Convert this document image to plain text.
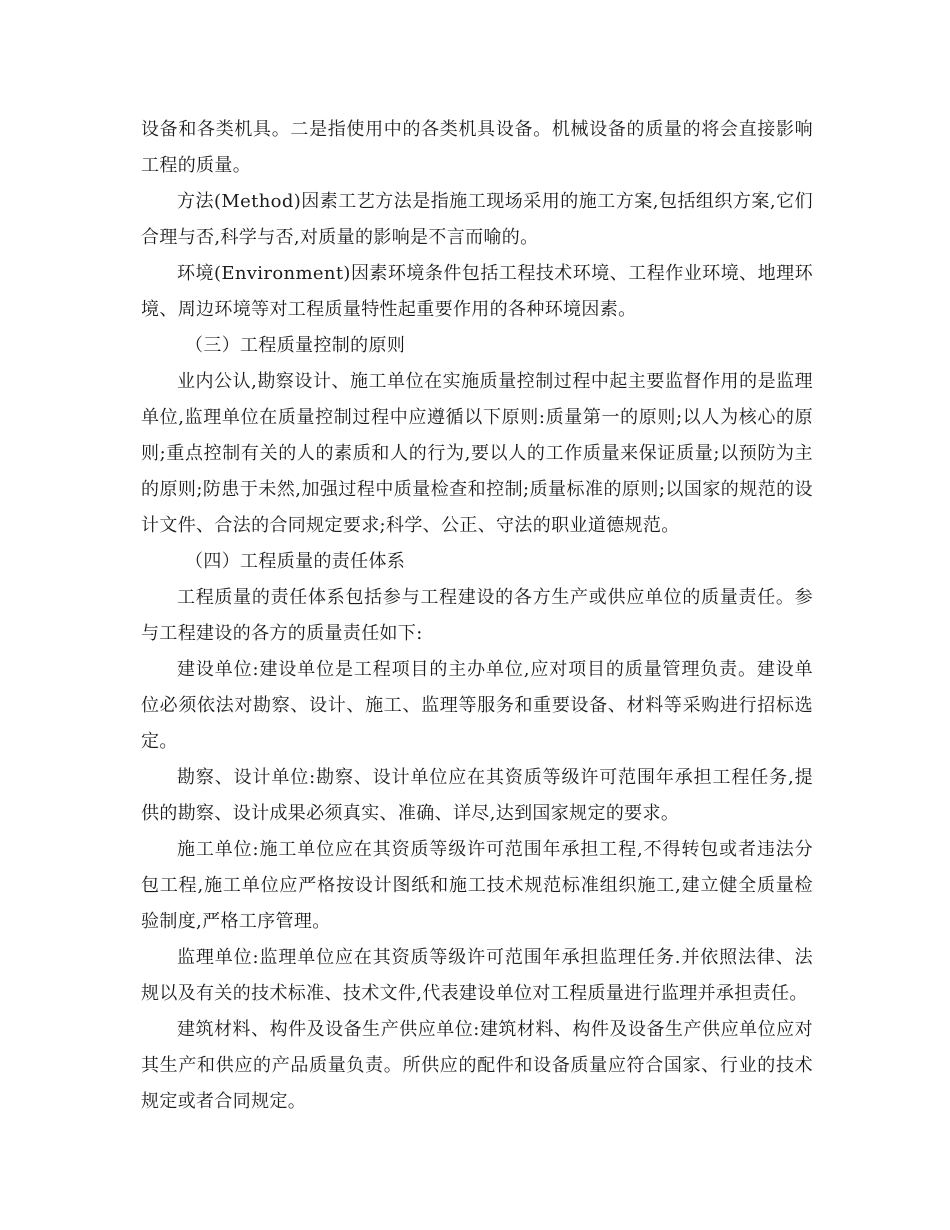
设备和各类机具。二是指使用中的各类机具设备。机械设备的质量的将会直接影响工程的质量。

方法(Method)因素工艺方法是指施工现场采用的施工方案,包括组织方案,它们合理与否,科学与否,对质量的影响是不言而喻的。

环境(Environment)因素环境条件包括工程技术环境、工程作业环境、地理环境、周边环境等对工程质量特性起重要作用的各种环境因素。

（三）工程质量控制的原则

业内公认,勘察设计、施工单位在实施质量控制过程中起主要监督作用的是监理单位,监理单位在质量控制过程中应遵循以下原则:质量第一的原则;以人为核心的原则;重点控制有关的人的素质和人的行为,要以人的工作质量来保证质量;以预防为主的原则;防患于未然,加强过程中质量检查和控制;质量标准的原则;以国家的规范的设计文件、合法的合同规定要求;科学、公正、守法的职业道德规范。

（四）工程质量的责任体系

工程质量的责任体系包括参与工程建设的各方生产或供应单位的质量责任。参与工程建设的各方的质量责任如下:

建设单位:建设单位是工程项目的主办单位,应对项目的质量管理负责。建设单位必须依法对勘察、设计、施工、监理等服务和重要设备、材料等采购进行招标选定。

勘察、设计单位:勘察、设计单位应在其资质等级许可范围年承担工程任务,提供的勘察、设计成果必须真实、准确、详尽,达到国家规定的要求。

施工单位:施工单位应在其资质等级许可范围年承担工程,不得转包或者违法分包工程,施工单位应严格按设计图纸和施工技术规范标准组织施工,建立健全质量检验制度,严格工序管理。

监理单位:监理单位应在其资质等级许可范围年承担监理任务.并依照法律、法规以及有关的技术标准、技术文件,代表建设单位对工程质量进行监理并承担责任。

建筑材料、构件及设备生产供应单位:建筑材料、构件及设备生产供应单位应对其生产和供应的产品质量负责。所供应的配件和设备质量应符合国家、行业的技术规定或者合同规定。
